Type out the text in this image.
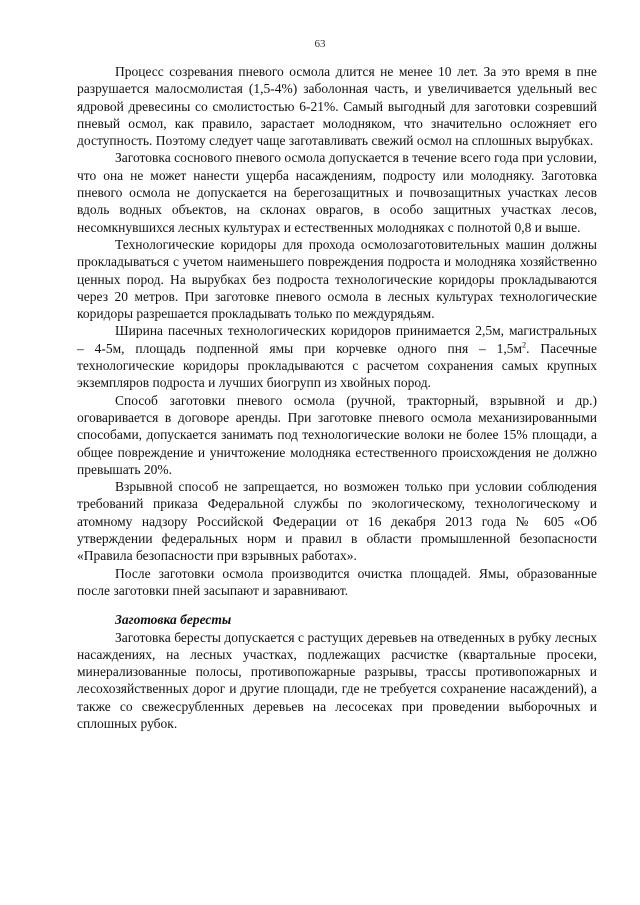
63

Процесс созревания пневого осмола длится не менее 10 лет. За это время в пне разрушается малосмолистая (1,5-4%) заболонная часть, и увеличивается удельный вес ядровой древесины со смолистостью 6-21%. Самый выгодный для заготовки созревший пневый осмол, как правило, зарастает молодняком, что значительно осложняет его доступность. Поэтому следует чаще заготавливать свежий осмол на сплошных вырубках.

Заготовка соснового пневого осмола допускается в течение всего года при условии, что она не может нанести ущерба насаждениям, подросту или молодняку. Заготовка пневого осмола не допускается на берегозащитных и почвозащитных участках лесов вдоль водных объектов, на склонах оврагов, в особо защитных участках лесов, несомкнувшихся лесных культурах и естественных молодняках с полнотой 0,8 и выше.

Технологические коридоры для прохода осмолозаготовительных машин должны прокладываться с учетом наименьшего повреждения подроста и молодняка хозяйственно ценных пород. На вырубках без подроста технологические коридоры прокладываются через 20 метров. При заготовке пневого осмола в лесных культурах технологические коридоры разрешается прокладывать только по междурядьям.

Ширина пасечных технологических коридоров принимается 2,5м, магистральных – 4-5м, площадь подпенной ямы при корчевке одного пня – $1,5м^2$. Пасечные технологические коридоры прокладываются с расчетом сохранения самых крупных экземпляров подроста и лучших биогрупп из хвойных пород.

Способ заготовки пневого осмола (ручной, тракторный, взрывной и др.) оговаривается в договоре аренды. При заготовке пневого осмола механизированными способами, допускается занимать под технологические волоки не более 15% площади, а общее повреждение и уничтожение молодняка естественного происхождения не должно превышать 20%.

Взрывной способ не запрещается, но возможен только при условии соблюдения требований приказа Федеральной службы по экологическому, технологическому и атомному надзору Российской Федерации от 16 декабря 2013 года № 605 «Об утверждении федеральных норм и правил в области промышленной безопасности «Правила безопасности при взрывных работах».

После заготовки осмола производится очистка площадей. Ямы, образованные после заготовки пней засыпают и заравнивают.

Заготовка бересты

Заготовка бересты допускается с растущих деревьев на отведенных в рубку лесных насаждениях, на лесных участках, подлежащих расчистке (квартальные просеки, минерализованные полосы, противопожарные разрывы, трассы противопожарных и лесохозяйственных дорог и другие площади, где не требуется сохранение насаждений), а также со свежесрубленных деревьев на лесосеках при проведении выборочных и сплошных рубок.
